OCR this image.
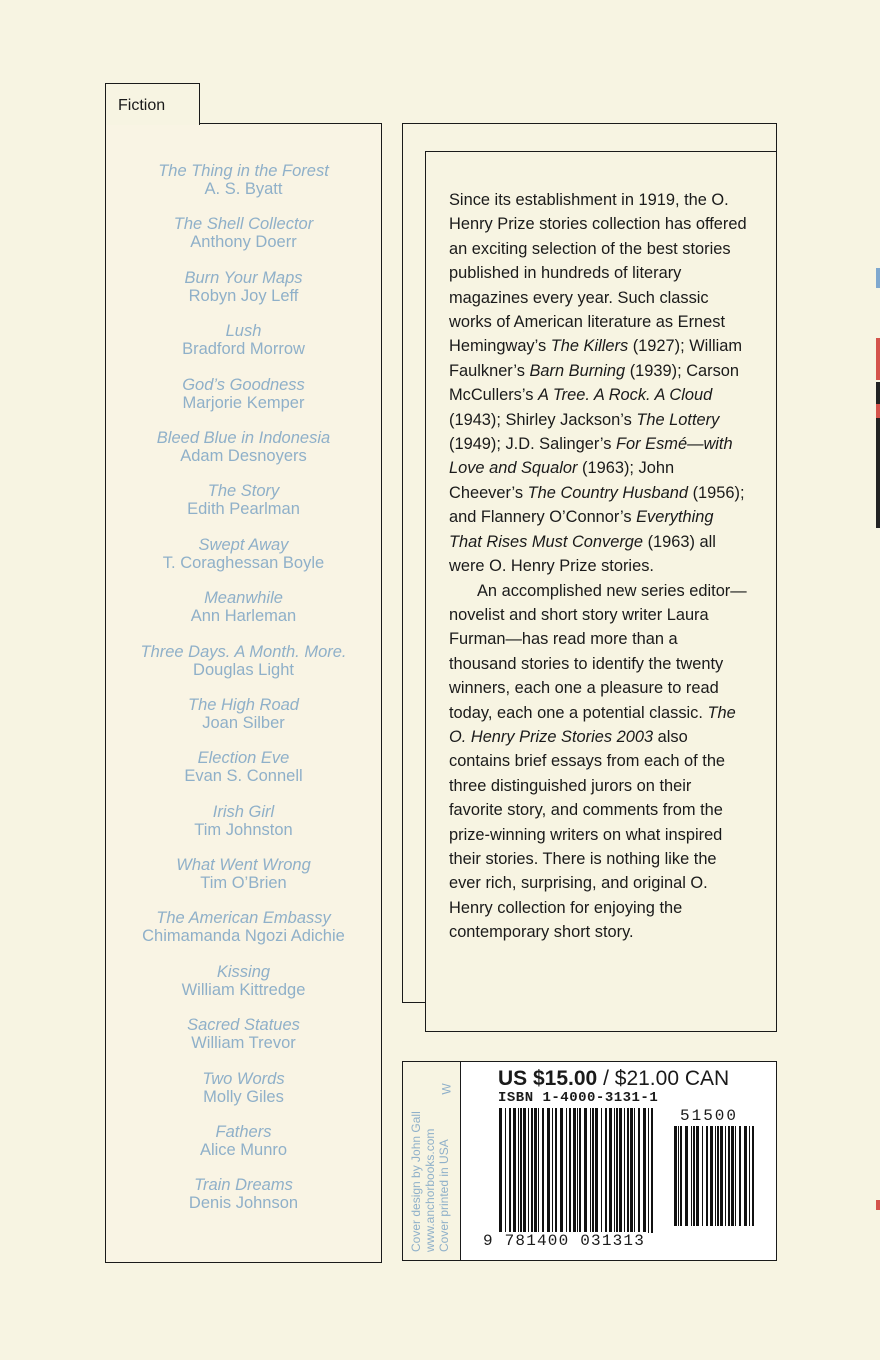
Fiction
The Thing in the Forest
A. S. Byatt
The Shell Collector
Anthony Doerr
Burn Your Maps
Robyn Joy Leff
Lush
Bradford Morrow
God’s Goodness
Marjorie Kemper
Bleed Blue in Indonesia
Adam Desnoyers
The Story
Edith Pearlman
Swept Away
T. Coraghessan Boyle
Meanwhile
Ann Harleman
Three Days. A Month. More.
Douglas Light
The High Road
Joan Silber
Election Eve
Evan S. Connell
Irish Girl
Tim Johnston
What Went Wrong
Tim O’Brien
The American Embassy
Chimamanda Ngozi Adichie
Kissing
William Kittredge
Sacred Statues
William Trevor
Two Words
Molly Giles
Fathers
Alice Munro
Train Dreams
Denis Johnson

Since its establishment in 1919, the O. Henry Prize stories collection has offered an exciting selection of the best stories published in hundreds of literary magazines every year. Such classic works of American literature as Ernest Hemingway’s The Killers (1927); William Faulkner’s Barn Burning (1939); Carson McCullers’s A Tree. A Rock. A Cloud (1943); Shirley Jackson’s The Lottery (1949); J.D. Salinger’s For Esmé—with Love and Squalor (1963); John Cheever’s The Country Husband (1956); and Flannery O’Connor’s Everything That Rises Must Converge (1963) all were O. Henry Prize stories.

An accomplished new series editor—novelist and short story writer Laura Furman—has read more than a thousand stories to identify the twenty winners, each one a pleasure to read today, each one a potential classic. The O. Henry Prize Stories 2003 also contains brief essays from each of the three distinguished jurors on their favorite story, and comments from the prize-winning writers on what inspired their stories. There is nothing like the ever rich, surprising, and original O. Henry collection for enjoying the contemporary short story.

Cover design by John Gall www.anchorbooks.com Cover printed in USA
W US $15.00 / $21.00 CAN
ISBN 1-4000-3131-1
51500
9 781400 031313
